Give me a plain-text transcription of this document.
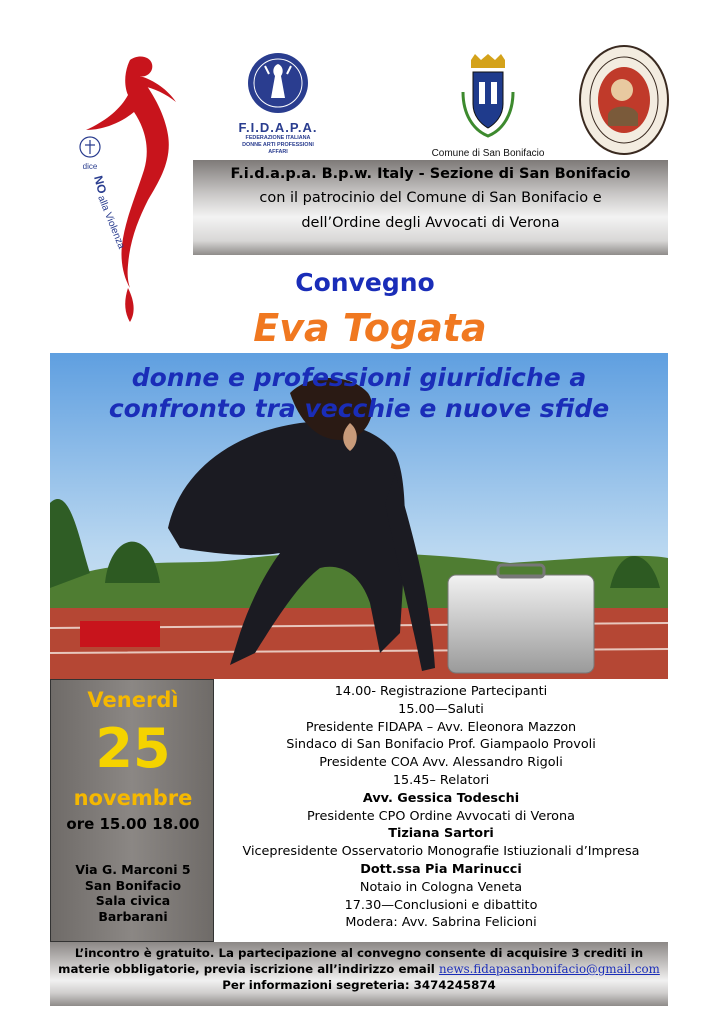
dice
NO
alla Violenza
F.I.D.A.P.A.
FEDERAZIONE ITALIANA
DONNE ARTI PROFESSIONI AFFARI	Comune di San Bonifacio
F.i.d.a.p.a. B.p.w. Italy - Sezione di San Bonifacio
con il patrocinio del Comune di San Bonifacio e
dell’Ordine degli Avvocati di Verona
Convegno
Eva Togata
donne e professioni giuridiche a
confronto tra vecchie e nuove sfide
Venerdì
25
novembre
ore 15.00 18.00
Via G. Marconi 5
San Bonifacio
Sala civica
Barbarani
14.00- Registrazione Partecipanti
15.00—Saluti
Presidente FIDAPA – Avv. Eleonora Mazzon
Sindaco di San Bonifacio Prof. Giampaolo Provoli
Presidente COA Avv. Alessandro Rigoli
15.45– Relatori
Avv. Gessica Todeschi
Presidente CPO Ordine Avvocati di Verona
Tiziana Sartori
Vicepresidente Osservatorio Monografie Istiuzionali d’Impresa
Dott.ssa Pia Marinucci
Notaio in Cologna Veneta
17.30—Conclusioni e dibattito
Modera: Avv. Sabrina Felicioni
L’incontro è gratuito. La partecipazione al convegno consente di acquisire 3 crediti in
materie obbligatorie, previa iscrizione all’indirizzo email news.fidapasanbonifacio@gmail.com
Per informazioni segreteria: 3474245874
